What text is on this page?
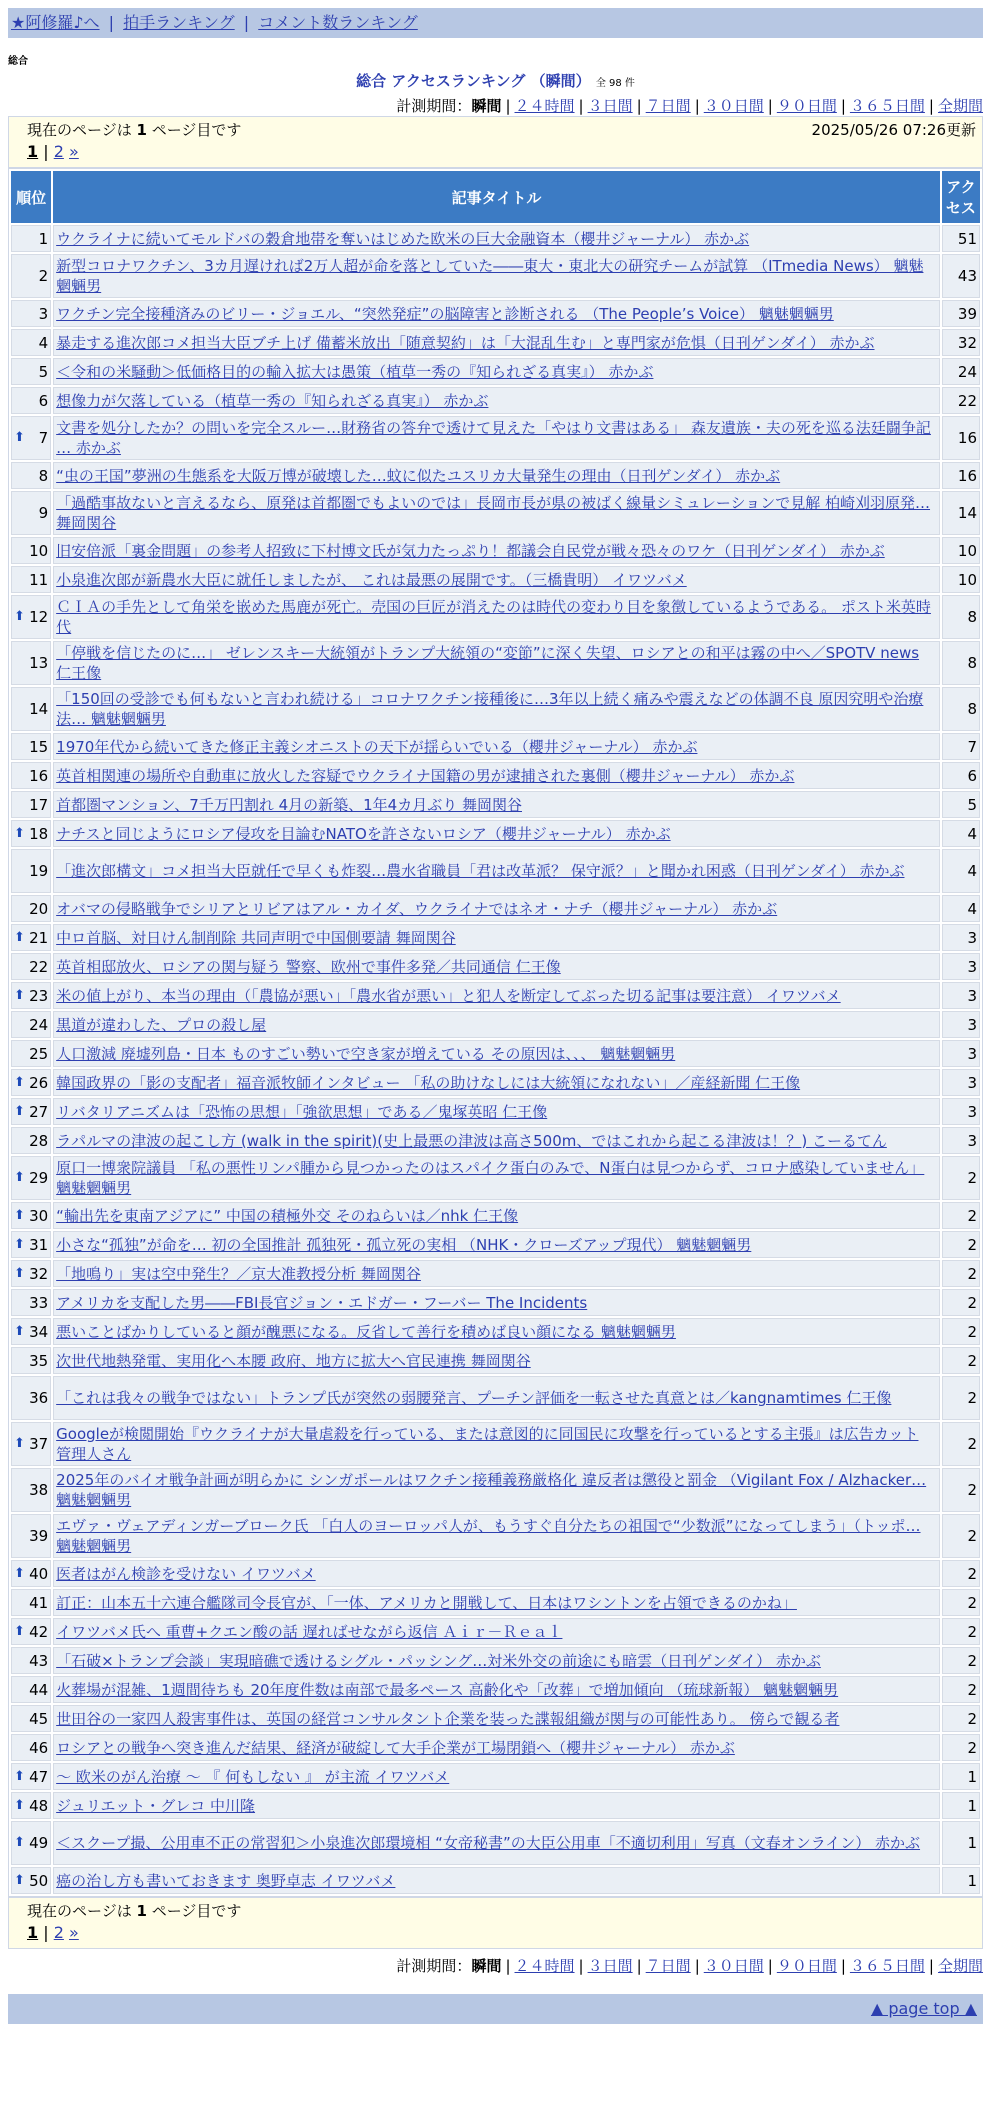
★阿修羅♪へ | 拍手ランキング | コメント数ランキング
総合
総合 アクセスランキング （瞬間） 全 98 件
計測期間：瞬間 | ２４時間 | ３日間 | ７日間 | ３０日間 | ９０日間 | ３６５日間 | 全期間
現在のページは 1 ページ目です	2025/05/26 07:26更新
1 | 2 »
順位	記事タイトル	アクセス
1	ウクライナに続いてモルドバの穀倉地帯を奪いはじめた欧米の巨大金融資本（櫻井ジャーナル） 赤かぶ	51
2	新型コロナワクチン、3カ月遅ければ2万人超が命を落としていた――東大・東北大の研究チームが試算 （ITmedia News） 魑魅魍魎男	43
3	ワクチン完全接種済みのビリー・ジョエル、“突然発症”の脳障害と診断される （The People’s Voice） 魑魅魍魎男	39
4	暴走する進次郎コメ担当大臣ブチ上げ 備蓄米放出「随意契約」は「大混乱生む」と専門家が危惧（日刊ゲンダイ） 赤かぶ	32
5	＜令和の米騒動＞低価格目的の輸入拡大は愚策（植草一秀の『知られざる真実』） 赤かぶ	24
6	想像力が欠落している（植草一秀の『知られざる真実』） 赤かぶ	22

⬆ 7	文書を処分したか？の問いを完全スルー…財務省の答弁で透けて見えた「やはり文書はある」 森友遺族・夫の死を巡る法廷闘争記 … 赤かぶ	16
8	“虫の王国”夢洲の生態系を大阪万博が破壊した…蚊に似たユスリカ大量発生の理由（日刊ゲンダイ） 赤かぶ	16
9	「過酷事故ないと言えるなら、原発は首都圏でもよいのでは」長岡市長が県の被ばく線量シミュレーションで見解 柏崎刈羽原発… 舞岡関谷	14
10	旧安倍派「裏金問題」の参考人招致に下村博文氏が気力たっぷり！都議会自民党が戦々恐々のワケ（日刊ゲンダイ） 赤かぶ	10
11	小泉進次郎が新農水大臣に就任しましたが、 これは最悪の展開です。（三橋貴明） イワツバメ	10

⬆ 12	ＣＩＡの手先として角栄を嵌めた馬鹿が死亡。売国の巨匠が消えたのは時代の変わり目を象徴しているようである。 ポスト米英時代	8
13	「停戦を信じたのに…」 ゼレンスキー大統領がトランプ大統領の“変節”に深く失望、ロシアとの和平は霧の中へ／SPOTV news 仁王像	8
14	「150回の受診でも何もないと言われ続ける」コロナワクチン接種後に…3年以上続く痛みや震えなどの体調不良 原因究明や治療法… 魑魅魍魎男	8
15	1970年代から続いてきた修正主義シオニストの天下が揺らいでいる（櫻井ジャーナル） 赤かぶ	7
16	英首相関連の場所や自動車に放火した容疑でウクライナ国籍の男が逮捕された裏側（櫻井ジャーナル） 赤かぶ	6
17	首都圏マンション、7千万円割れ 4月の新築、1年4カ月ぶり 舞岡関谷	5

⬆ 18	ナチスと同じようにロシア侵攻を目論むNATOを許さないロシア（櫻井ジャーナル） 赤かぶ	4
19	「進次郎構文」コメ担当大臣就任で早くも炸裂…農水省職員「君は改革派？ 保守派？」と聞かれ困惑（日刊ゲンダイ） 赤かぶ	4
20	オバマの侵略戦争でシリアとリビアはアル・カイダ、ウクライナではネオ・ナチ（櫻井ジャーナル） 赤かぶ	4

⬆ 21	中ロ首脳、対日けん制削除 共同声明で中国側要請 舞岡関谷	3
22	英首相邸放火、ロシアの関与疑う 警察、欧州で事件多発／共同通信 仁王像	3

⬆ 23	米の値上がり、本当の理由（「農協が悪い」「農水省が悪い」と犯人を断定してぶった切る記事は要注意） イワツバメ	3
24	黒道が違わした、プロの殺し屋	3
25	人口激減 廃墟列島・日本 ものすごい勢いで空き家が増えている その原因は、、、 魑魅魍魎男	3

⬆ 26	韓国政界の「影の支配者」福音派牧師インタビュー 「私の助けなしには大統領になれない」／産経新聞 仁王像	3

⬆ 27	リバタリアニズムは「恐怖の思想」「強欲思想」である／鬼塚英昭 仁王像	3
28	ラパルマの津波の起こし方 (walk in the spirit)(史上最悪の津波は高さ500m、ではこれから起こる津波は！？) こーるてん	3

⬆ 29	原口一博衆院議員 「私の悪性リンパ腫から見つかったのはスパイク蛋白のみで、N蛋白は見つからず、コロナ感染していません」 魑魅魍魎男	2

⬆ 30	“輸出先を東南アジアに” 中国の積極外交 そのねらいは／nhk 仁王像	2

⬆ 31	小さな“孤独”が命を… 初の全国推計 孤独死・孤立死の実相 （NHK・クローズアップ現代） 魑魅魍魎男	2

⬆ 32	「地鳴り」実は空中発生？／京大准教授分析 舞岡関谷	2
33	アメリカを支配した男――FBI長官ジョン・エドガー・フーバー The Incidents	2

⬆ 34	悪いことばかりしていると顔が醜悪になる。反省して善行を積めば良い顔になる 魑魅魍魎男	2
35	次世代地熱発電、実用化へ本腰 政府、地方に拡大へ官民連携 舞岡関谷	2
36	「これは我々の戦争ではない」トランプ氏が突然の弱腰発言、プーチン評価を一転させた真意とは／kangnamtimes 仁王像	2

⬆ 37	Googleが検閲開始『ウクライナが大量虐殺を行っている、または意図的に同国民に攻撃を行っているとする主張』は広告カット 管理人さん	2
38	2025年のバイオ戦争計画が明らかに シンガポールはワクチン接種義務厳格化 違反者は懲役と罰金 （Vigilant Fox / Alzhacker… 魑魅魍魎男	2
39	エヴァ・ヴェアディンガーブローク氏 「白人のヨーロッパ人が、もうすぐ自分たちの祖国で“少数派”になってしまう」（トッポ… 魑魅魍魎男	2

⬆ 40	医者はがん検診を受けない イワツバメ	2
41	訂正：山本五十六連合艦隊司令長官が、「一体、アメリカと開戦して、日本はワシントンを占領できるのかね」	2

⬆ 42	イワツバメ氏へ 重曹+クエン酸の話 遅ればせながら返信 Ａｉｒ－Ｒｅａｌ	2
43	「石破×トランプ会談」実現暗礁で透けるシグル・パッシング…対米外交の前途にも暗雲（日刊ゲンダイ） 赤かぶ	2
44	火葬場が混雑、1週間待ちも 20年度件数は南部で最多ペース 高齢化や「改葬」で増加傾向 （琉球新報） 魑魅魍魎男	2
45	世田谷の一家四人殺害事件は、英国の経営コンサルタント企業を装った諜報組織が関与の可能性あり。 傍らで観る者	2
46	ロシアとの戦争へ突き進んだ結果、経済が破綻して大手企業が工場閉鎖へ（櫻井ジャーナル） 赤かぶ	2

⬆ 47	～ 欧米のがん治療 ～ 『 何もしない 』 が主流 イワツバメ	1

⬆ 48	ジュリエット・グレコ 中川隆	1

⬆ 49	＜スクープ撮、公用車不正の常習犯＞小泉進次郎環境相 “女帝秘書”の大臣公用車「不適切利用」写真（文春オンライン） 赤かぶ	1

⬆ 50	癌の治し方も書いておきます 奥野卓志 イワツバメ	1
現在のページは 1 ページ目です
1 | 2 »
計測期間：瞬間 | ２４時間 | ３日間 | ７日間 | ３０日間 | ９０日間 | ３６５日間 | 全期間
▲ page top ▲
